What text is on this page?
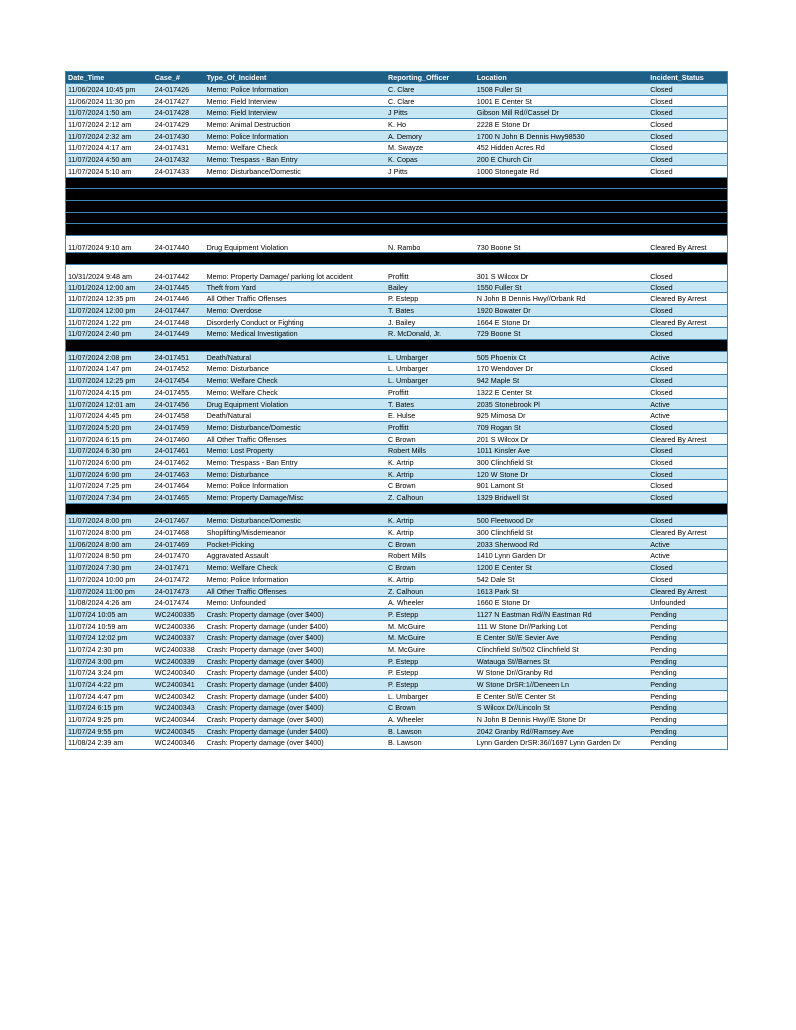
Date_Time	Case_#	Type_Of_Incident	Reporting_Officer	Location	Incident_Status
11/06/2024 10:45 pm	24-017426	Memo: Police Information	C. Clare	1508 Fuller St	Closed
11/06/2024 11:30 pm	24-017427	Memo: Field Interview	C. Clare	1001 E Center St	Closed
11/07/2024 1:50 am	24-017428	Memo: Field Interview	J Pitts	Gibson Mill Rd//Cassel Dr	Closed
11/07/2024 2:12 am	24-017429	Memo: Animal Destruction	K. Ho	2228 E Stone Dr	Closed
11/07/2024 2:32 am	24-017430	Memo: Police Information	A. Demory	1700 N John B Dennis Hwy98530	Closed
11/07/2024 4:17 am	24-017431	Memo: Welfare Check	M. Swayze	452 Hidden Acres Rd	Closed
11/07/2024 4:50 am	24-017432	Memo: Trespass - Ban Entry	K. Copas	200 E Church Cir	Closed
11/07/2024 5:10 am	24-017433	Memo: Disturbance/Domestic	J Pitts	1000 Stonegate Rd	Closed
11/07/2024 9:10 am	24-017440	Drug Equipment Violation	N. Rambo	730 Boone St	Cleared By Arrest
10/31/2024 9:48 am	24-017442	Memo: Property Damage/ parking lot accident	Proffitt	301 S Wilcox Dr	Closed
11/01/2024 12:00 am	24-017445	Theft from Yard	Bailey	1550 Fuller St	Closed
11/07/2024 12:35 pm	24-017446	All Other Traffic Offenses	P. Estepp	N John B Dennis Hwy//Orbank Rd	Cleared By Arrest
11/07/2024 12:00 pm	24-017447	Memo: Overdose	T. Bates	1920 Bowater Dr	Closed
11/07/2024 1:22 pm	24-017448	Disorderly Conduct or Fighting	J. Bailey	1664 E Stone Dr	Cleared By Arrest
11/07/2024 2:40 pm	24-017449	Memo: Medical Investigation	R. McDonald, Jr.	729 Boone St	Closed
11/07/2024 2:08 pm	24-017451	Death/Natural	L. Umbarger	505 Phoenix Ct	Active
11/07/2024 1:47 pm	24-017452	Memo: Disturbance	L. Umbarger	170 Wendover Dr	Closed
11/07/2024 12:25 pm	24-017454	Memo: Welfare Check	L. Umbarger	942 Maple St	Closed
11/07/2024 4:15 pm	24-017455	Memo: Welfare Check	Proffitt	1322 E Center St	Closed
11/07/2024 12:01 am	24-017456	Drug Equipment Violation	T. Bates	2035 Stonebrook Pl	Active
11/07/2024 4:45 pm	24-017458	Death/Natural	E. Hulse	925 Mimosa Dr	Active
11/07/2024 5:20 pm	24-017459	Memo: Disturbance/Domestic	Proffitt	709 Rogan St	Closed
11/07/2024 6:15 pm	24-017460	All Other Traffic Offenses	C Brown	201 S Wilcox Dr	Cleared By Arrest
11/07/2024 6:30 pm	24-017461	Memo: Lost Property	Robert Mills	1011 Kinsler Ave	Closed
11/07/2024 6:00 pm	24-017462	Memo: Trespass - Ban Entry	K. Artrip	300 Clinchfield St	Closed
11/07/2024 6:00 pm	24-017463	Memo: Disturbance	K. Artrip	120 W Stone Dr	Closed
11/07/2024 7:25 pm	24-017464	Memo: Police Information	C Brown	901 Lamont St	Closed
11/07/2024 7:34 pm	24-017465	Memo: Property Damage/Misc	Z. Calhoun	1329 Bridwell St	Closed
11/07/2024 8:00 pm	24-017467	Memo: Disturbance/Domestic	K. Artrip	500 Fleetwood Dr	Closed
11/07/2024 8:00 pm	24-017468	Shoplifting/Misdemeanor	K. Artrip	300 Clinchfield St	Cleared By Arrest
11/06/2024 8:00 am	24-017469	Pocket-Picking	C Brown	2033 Sherwood Rd	Active
11/07/2024 8:50 pm	24-017470	Aggravated Assault	Robert Mills	1410 Lynn Garden Dr	Active
11/07/2024 7:30 pm	24-017471	Memo: Welfare Check	C Brown	1200 E Center St	Closed
11/07/2024 10:00 pm	24-017472	Memo: Police Information	K. Artrip	542 Dale St	Closed
11/07/2024 11:00 pm	24-017473	All Other Traffic Offenses	Z. Calhoun	1613 Park St	Cleared By Arrest
11/08/2024 4:26 am	24-017474	Memo: Unfounded	A. Wheeler	1660 E Stone Dr	Unfounded
11/07/24 10:05 am	WC2400335	Crash: Property damage (over $400)	P. Estepp	1127 N Eastman Rd//N Eastman Rd	Pending
11/07/24 10:59 am	WC2400336	Crash: Property damage (under $400)	M. McGuire	111 W Stone Dr//Parking Lot	Pending
11/07/24 12:02 pm	WC2400337	Crash: Property damage (over $400)	M. McGuire	E Center St//E Sevier Ave	Pending
11/07/24 2:30 pm	WC2400338	Crash: Property damage (over $400)	M. McGuire	Clinchfield St//502 Clinchfield St	Pending
11/07/24 3:00 pm	WC2400339	Crash: Property damage (over $400)	P. Estepp	Watauga St//Barnes St	Pending
11/07/24 3:24 pm	WC2400340	Crash: Property damage (under $400)	P. Estepp	W Stone Dr//Granby Rd	Pending
11/07/24 4:22 pm	WC2400341	Crash: Property damage (under $400)	P. Estepp	W Stone DrSR:1//Deneen Ln	Pending
11/07/24 4:47 pm	WC2400342	Crash: Property damage (under $400)	L. Umbarger	E Center St//E Center St	Pending
11/07/24 6:15 pm	WC2400343	Crash: Property damage (over $400)	C Brown	S Wilcox Dr//Lincoln St	Pending
11/07/24 9:25 pm	WC2400344	Crash: Property damage (over $400)	A. Wheeler	N John B Dennis Hwy//E Stone Dr	Pending
11/07/24 9:55 pm	WC2400345	Crash: Property damage (under $400)	B. Lawson	2042 Granby Rd//Ramsey Ave	Pending
11/08/24 2:39 am	WC2400346	Crash: Property damage (over $400)	B. Lawson	Lynn Garden DrSR:36//1697 Lynn Garden Dr	Pending
